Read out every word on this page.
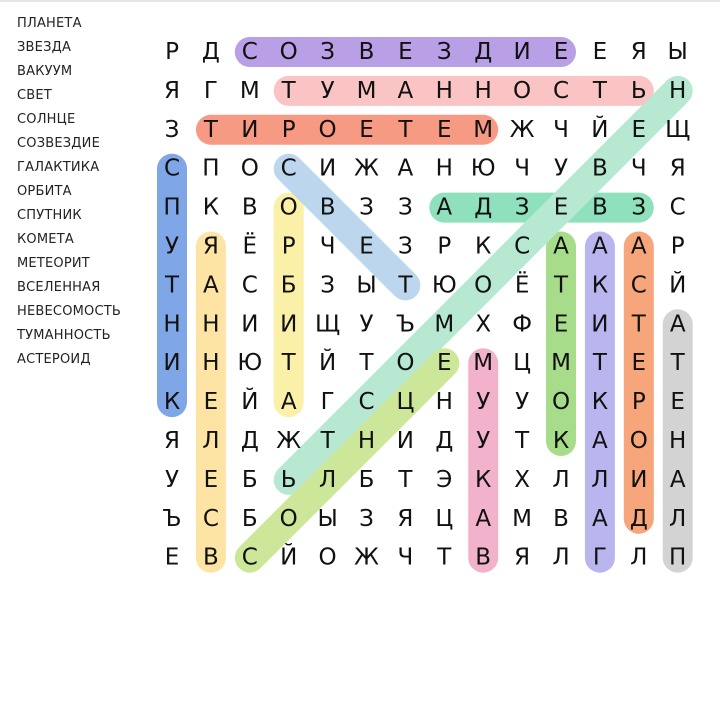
ПЛАНЕТА
ЗВЕЗДА
ВАКУУМ
СВЕТ
СОЛНЦЕ
СОЗВЕЗДИЕ
ГАЛАКТИКА
ОРБИТА
СПУТНИК
КОМЕТА
МЕТЕОРИТ
ВСЕЛЕННАЯ
НЕВЕСОМОСТЬ
ТУМАННОСТЬ
АСТЕРОИД
Р Д С О З В Е З Д И Е Е Я Ы
Я Г М Т У М А Н Н О С Т Ь Н
З Т И Р О Е Т Е М Ж Ч Й Е Щ
С П О С И Ж А Н Ю Ч У В Ч Я
П К В О В З З А Д З Е В З С
У Я Ё Р Ч Е З Р К С А А А Р
Т А С Б З Ы Т Ю О Ё Т К С Й
Н Н И И Щ У Ъ М Х Ф Е И Т А
И Н Ю Т Й Т О Е М Ц М Т Е Т
К Е Й А Г С Ц Н У У О К Р Е
Я Л Д Ж Т Н И Д У Т К А О Н
У Е Б Ь Л Б Т Э К Х Л Л И А
Ъ С Б О Ы З Я Ц А М В А Д Л
Е В С Й О Ж Ч Т В Я Л Г Л П
